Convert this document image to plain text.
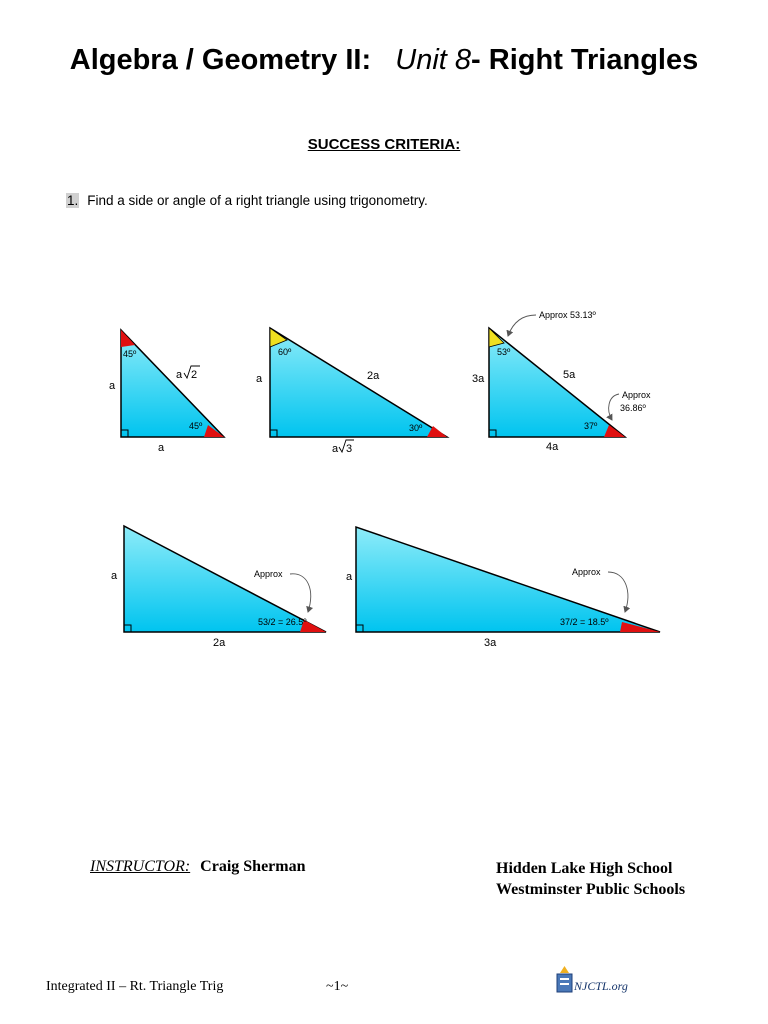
Algebra / Geometry II: Unit 8- Right Triangles
SUCCESS CRITERIA:
1. Find a side or angle of a right triangle using trigonometry.
45º
45º
a
a
a 2
60º
30º
a	2a
a 3
53º
37º
3a	5a
4a
Approx 53.13º
Approx
36.86º
a
2a
Approx
53/2 = 26.5º
a
3a
Approx
37/2 = 18.5º
INSTRUCTOR: Craig Sherman	Hidden Lake High School
Westminster Public Schools
Integrated II – Rt. Triangle Trig	~1~	NJCTL.org
